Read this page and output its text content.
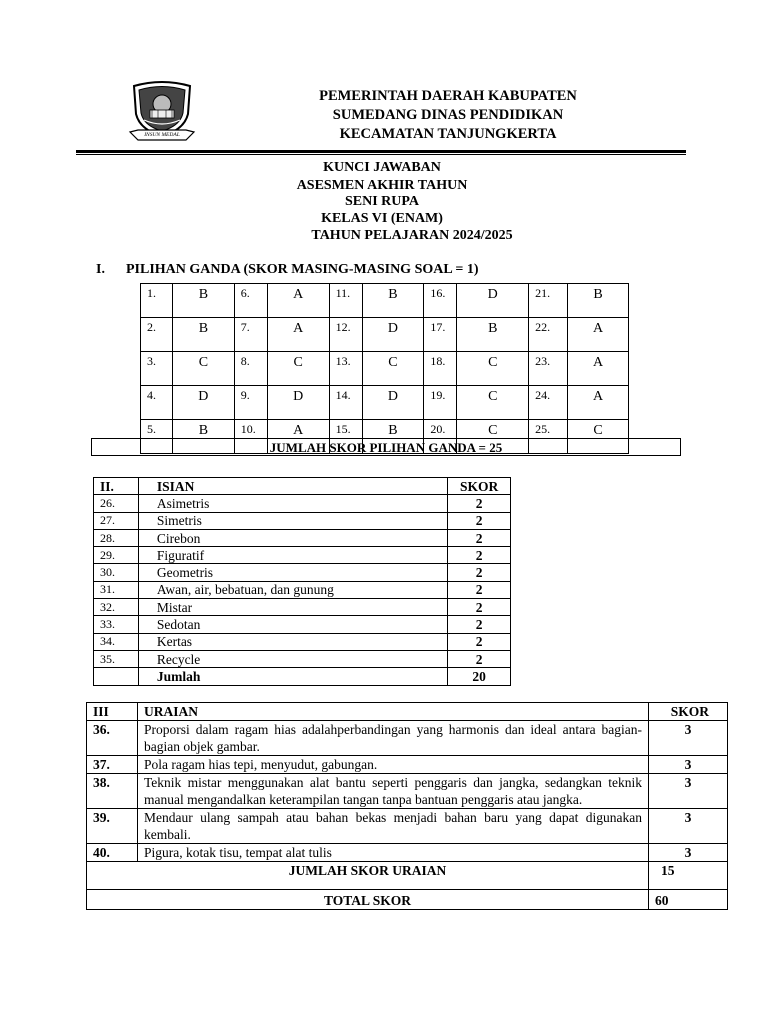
INSUN MEDAL
PEMERINTAH DAERAH KABUPATEN
SUMEDANG DINAS PENDIDIKAN
KECAMATAN TANJUNGKERTA
KUNCI JAWABAN
ASESMEN AKHIR TAHUN
SENI RUPA
KELAS VI (ENAM)
TAHUN PELAJARAN 2024/2025
I. PILIHAN GANDA (SKOR MASING-MASING SOAL = 1)
1.	B	6.	A	11.	B	16.	D	21.	B
2.	B	7.	A	12.	D	17.	B	22.	A
3.	C	8.	C	13.	C	18.	C	23.	A
4.	D	9.	D	14.	D	19.	C	24.	A
5.	B	10.	A	15.	B	20.	C	25.	C
JUMLAH SKOR PILIHAN GANDA = 25
II.	ISIAN	SKOR
26.	Asimetris	2
27.	Simetris	2
28.	Cirebon	2
29.	Figuratif	2
30.	Geometris	2
31.	Awan, air, bebatuan, dan gunung	2
32.	Mistar	2
33.	Sedotan	2
34.	Kertas	2
35.	Recycle	2
	Jumlah	20
III	URAIAN	SKOR
36.	Proporsi dalam ragam hias adalahperbandingan yang harmonis dan ideal antara bagian-bagian objek gambar.	3
37.	Pola ragam hias tepi, menyudut, gabungan.	3
38.	Teknik mistar menggunakan alat bantu seperti penggaris dan jangka, sedangkan teknik manual mengandalkan keterampilan tangan tanpa bantuan penggaris atau jangka.	3
39.	Mendaur ulang sampah atau bahan bekas menjadi bahan baru yang dapat digunakan kembali.	3
40.	Pigura, kotak tisu, tempat alat tulis	3
JUMLAH SKOR URAIAN		15
TOTAL SKOR		60
